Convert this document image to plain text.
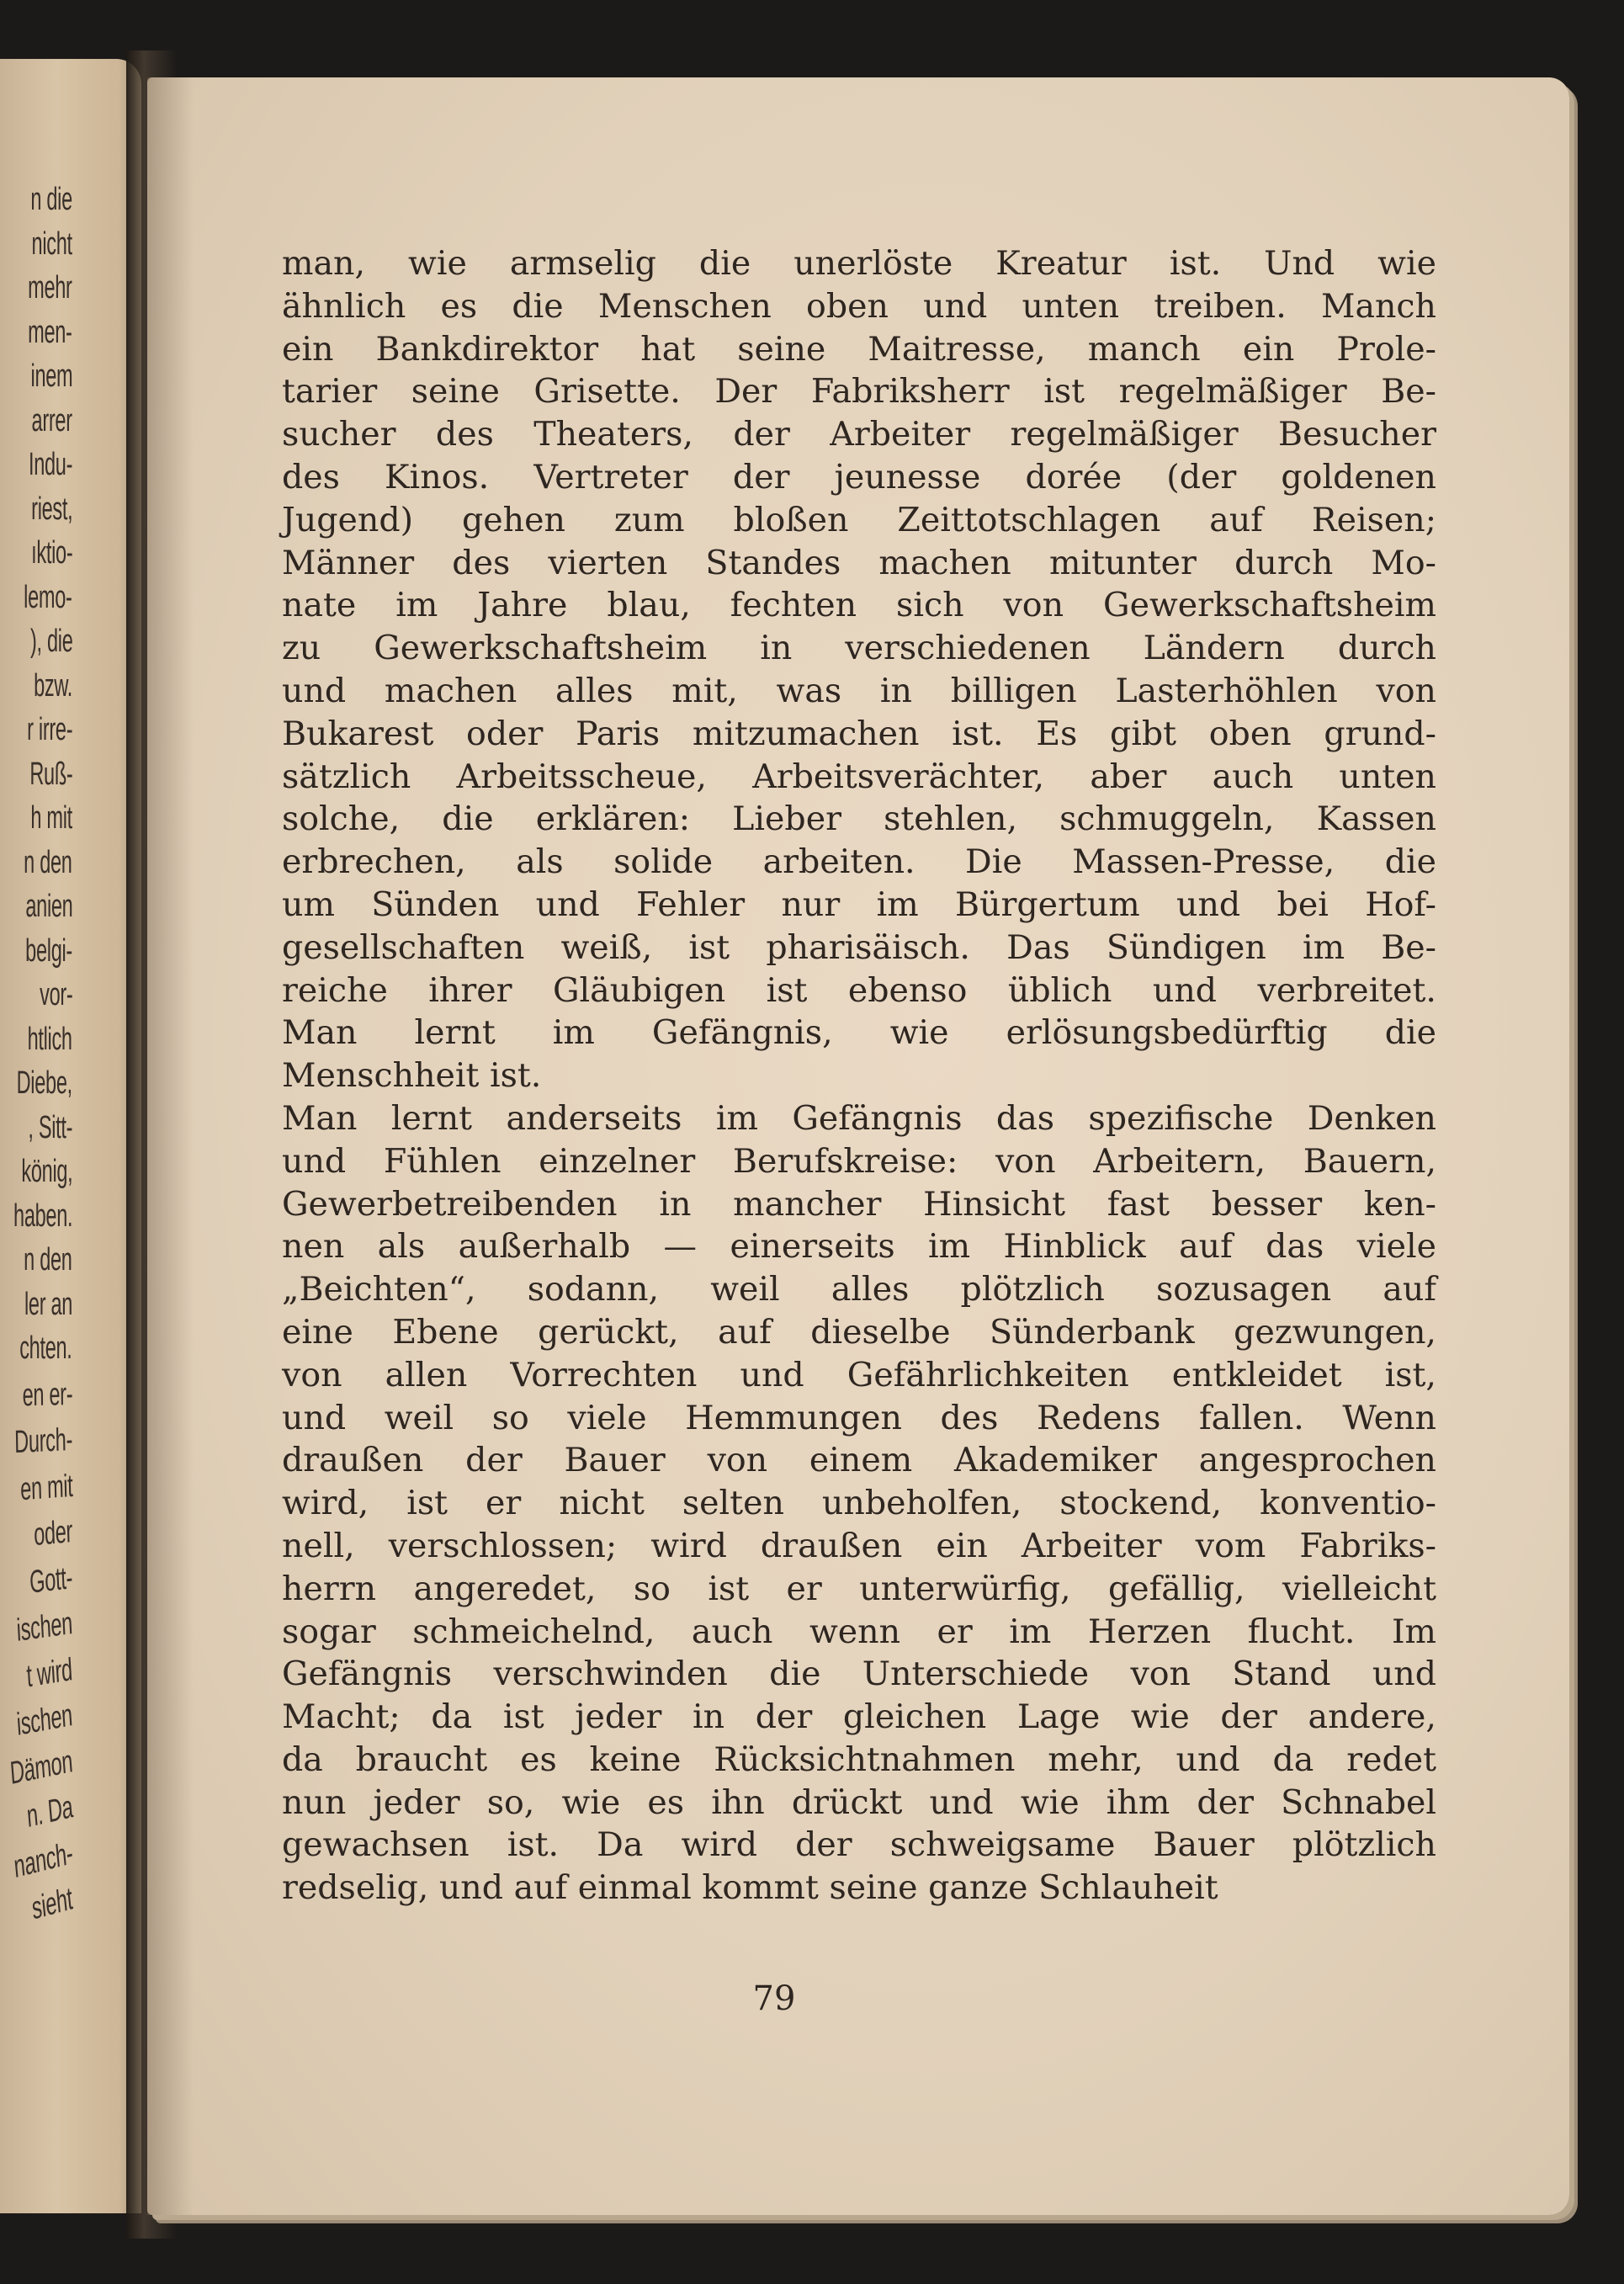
n die
nicht
mehr
men-
inem
arrer
Indu-
riest,
ıktio-
lemo-
), die
bzw.
r irre-
Ruß-
h mit
n den
anien
belgi-
vor-
htlich
Diebe,
, Sitt-
könig,
haben.
n den
ler an
chten.
en er-
Durch-
en mit
oder
Gott-
ischen
t wird
ischen
Dämon
n. Da
nanch-
sieht
man, wie armselig die unerlöste Kreatur ist. Und wie
ähnlich es die Menschen oben und unten treiben. Manch
ein Bankdirektor hat seine Maitresse, manch ein Prole-
tarier seine Grisette. Der Fabriksherr ist regelmäßiger Be-
sucher des Theaters, der Arbeiter regelmäßiger Besucher
des Kinos. Vertreter der jeunesse dorée (der goldenen
Jugend) gehen zum bloßen Zeittotschlagen auf Reisen;
Männer des vierten Standes machen mitunter durch Mo-
nate im Jahre blau, fechten sich von Gewerkschaftsheim
zu Gewerkschaftsheim in verschiedenen Ländern durch
und machen alles mit, was in billigen Lasterhöhlen von
Bukarest oder Paris mitzumachen ist. Es gibt oben grund-
sätzlich Arbeitsscheue, Arbeitsverächter, aber auch unten
solche, die erklären: Lieber stehlen, schmuggeln, Kassen
erbrechen, als solide arbeiten. Die Massen-Presse, die
um Sünden und Fehler nur im Bürgertum und bei Hof-
gesellschaften weiß, ist pharisäisch. Das Sündigen im Be-
reiche ihrer Gläubigen ist ebenso üblich und verbreitet.
Man lernt im Gefängnis, wie erlösungsbedürftig die
Menschheit ist.
Man lernt anderseits im Gefängnis das spezifische Denken
und Fühlen einzelner Berufskreise: von Arbeitern, Bauern,
Gewerbetreibenden in mancher Hinsicht fast besser ken-
nen als außerhalb — einerseits im Hinblick auf das viele
„Beichten“, sodann, weil alles plötzlich sozusagen auf
eine Ebene gerückt, auf dieselbe Sünderbank gezwungen,
von allen Vorrechten und Gefährlichkeiten entkleidet ist,
und weil so viele Hemmungen des Redens fallen. Wenn
draußen der Bauer von einem Akademiker angesprochen
wird, ist er nicht selten unbeholfen, stockend, konventio-
nell, verschlossen; wird draußen ein Arbeiter vom Fabriks-
herrn angeredet, so ist er unterwürfig, gefällig, vielleicht
sogar schmeichelnd, auch wenn er im Herzen flucht. Im
Gefängnis verschwinden die Unterschiede von Stand und
Macht; da ist jeder in der gleichen Lage wie der andere,
da braucht es keine Rücksichtnahmen mehr, und da redet
nun jeder so, wie es ihn drückt und wie ihm der Schnabel
gewachsen ist. Da wird der schweigsame Bauer plötzlich
redselig, und auf einmal kommt seine ganze Schlauheit
79
